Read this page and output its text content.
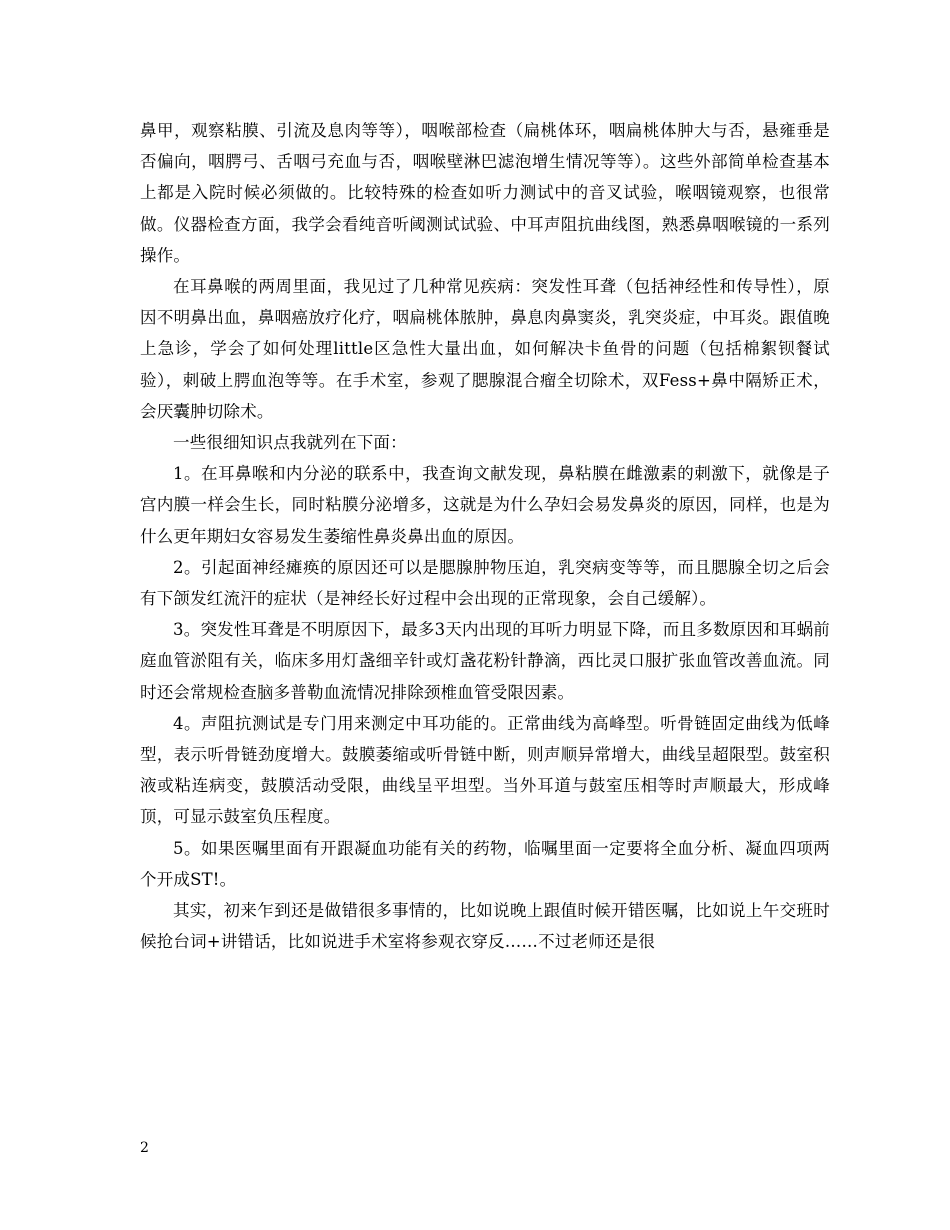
鼻甲，观察粘膜、引流及息肉等等），咽喉部检查（扁桃体环，咽扁桃体肿大与否，悬雍垂是否偏向，咽腭弓、舌咽弓充血与否，咽喉壁淋巴滤泡增生情况等等）。这些外部简单检查基本上都是入院时候必须做的。比较特殊的检查如听力测试中的音叉试验，喉咽镜观察，也很常做。仪器检查方面，我学会看纯音听阈测试试验、中耳声阻抗曲线图，熟悉鼻咽喉镜的一系列操作。

在耳鼻喉的两周里面，我见过了几种常见疾病：突发性耳聋（包括神经性和传导性），原因不明鼻出血，鼻咽癌放疗化疗，咽扁桃体脓肿，鼻息肉鼻窦炎，乳突炎症，中耳炎。跟值晚上急诊，学会了如何处理little区急性大量出血，如何解决卡鱼骨的问题（包括棉絮钡餐试验），刺破上腭血泡等等。在手术室，参观了腮腺混合瘤全切除术，双Fess+鼻中隔矫正术，会厌囊肿切除术。

一些很细知识点我就列在下面：

1。在耳鼻喉和内分泌的联系中，我查询文献发现，鼻粘膜在雌激素的刺激下，就像是子宫内膜一样会生长，同时粘膜分泌增多，这就是为什么孕妇会易发鼻炎的原因，同样，也是为什么更年期妇女容易发生萎缩性鼻炎鼻出血的原因。

2。引起面神经瘫痪的原因还可以是腮腺肿物压迫，乳突病变等等，而且腮腺全切之后会有下颌发红流汗的症状（是神经长好过程中会出现的正常现象，会自己缓解）。

3。突发性耳聋是不明原因下，最多3天内出现的耳听力明显下降，而且多数原因和耳蜗前庭血管淤阻有关，临床多用灯盏细辛针或灯盏花粉针静滴，西比灵口服扩张血管改善血流。同时还会常规检查脑多普勒血流情况排除颈椎血管受限因素。

4。声阻抗测试是专门用来测定中耳功能的。正常曲线为高峰型。听骨链固定曲线为低峰型，表示听骨链劲度增大。鼓膜萎缩或听骨链中断，则声顺异常增大，曲线呈超限型。鼓室积液或粘连病变，鼓膜活动受限，曲线呈平坦型。当外耳道与鼓室压相等时声顺最大，形成峰顶，可显示鼓室负压程度。

5。如果医嘱里面有开跟凝血功能有关的药物，临嘱里面一定要将全血分析、凝血四项两个开成ST!。

其实，初来乍到还是做错很多事情的，比如说晚上跟值时候开错医嘱，比如说上午交班时候抢台词+讲错话，比如说进手术室将参观衣穿反……不过老师还是很

2
